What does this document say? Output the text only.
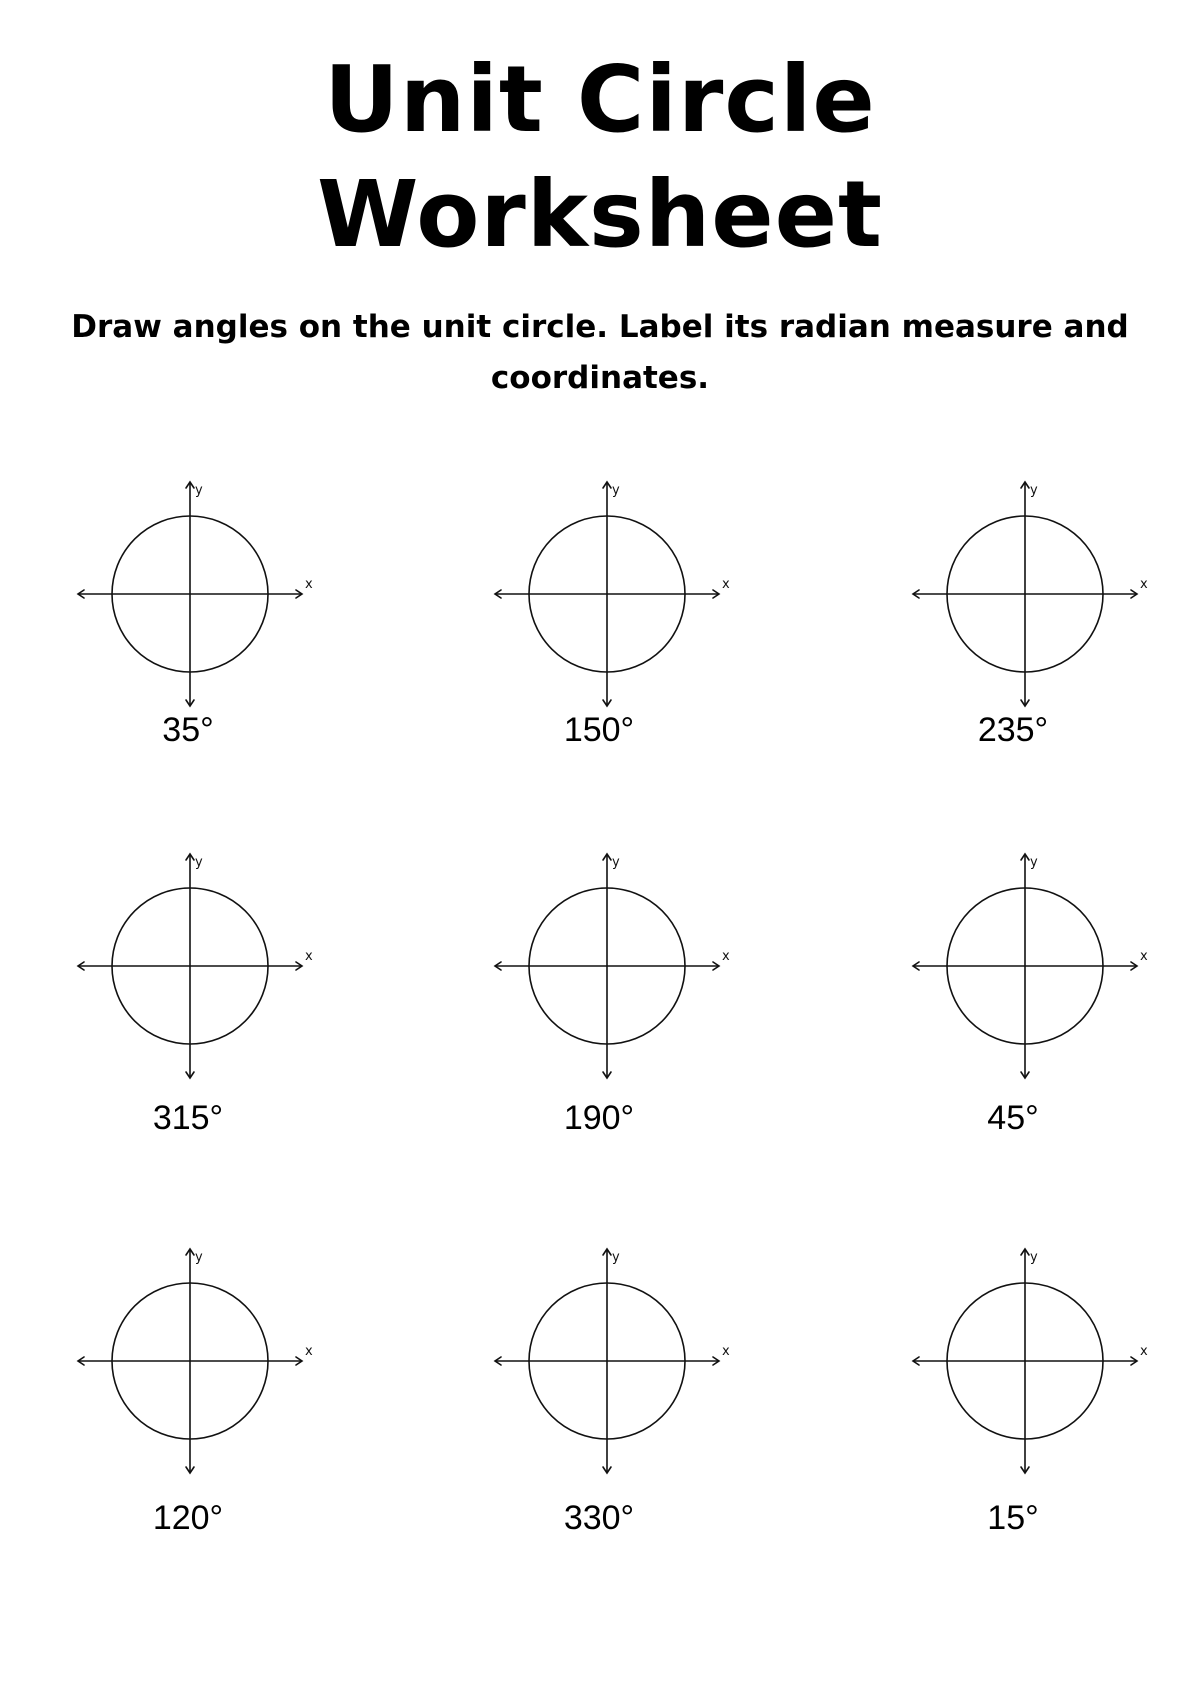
Unit Circle
Worksheet

Draw angles on the unit circle. Label its radian measure and coordinates.

x
y
35°
x
y
150°
x
y
235°
x
y
315°
x
y
190°
x
y
45°
x
y
120°
x
y
330°
x
y
15°
